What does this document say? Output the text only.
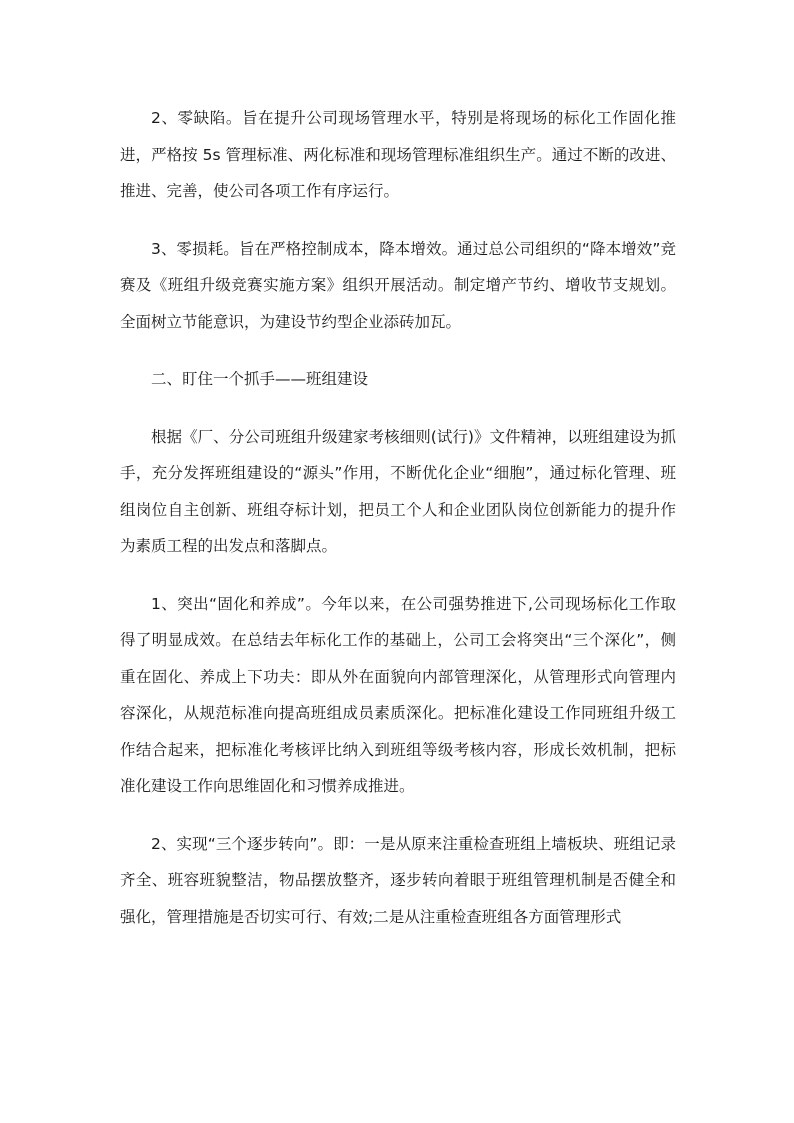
2、零缺陷。旨在提升公司现场管理水平，特别是将现场的标化工作固化推进，严格按 5s 管理标准、两化标准和现场管理标准组织生产。通过不断的改进、推进、完善，使公司各项工作有序运行。

3、零损耗。旨在严格控制成本，降本增效。通过总公司组织的“降本增效”竞赛及《班组升级竞赛实施方案》组织开展活动。制定增产节约、增收节支规划。全面树立节能意识，为建设节约型企业添砖加瓦。

二、盯住一个抓手——班组建设

根据《厂、分公司班组升级建家考核细则(试行)》文件精神，以班组建设为抓手，充分发挥班组建设的“源头”作用，不断优化企业“细胞”，通过标化管理、班组岗位自主创新、班组夺标计划，把员工个人和企业团队岗位创新能力的提升作为素质工程的出发点和落脚点。

1、突出“固化和养成”。今年以来，在公司强势推进下,公司现场标化工作取得了明显成效。在总结去年标化工作的基础上，公司工会将突出“三个深化”，侧重在固化、养成上下功夫：即从外在面貌向内部管理深化，从管理形式向管理内容深化，从规范标准向提高班组成员素质深化。把标准化建设工作同班组升级工作结合起来，把标准化考核评比纳入到班组等级考核内容，形成长效机制，把标准化建设工作向思维固化和习惯养成推进。

2、实现“三个逐步转向”。即：一是从原来注重检查班组上墙板块、班组记录齐全、班容班貌整洁，物品摆放整齐，逐步转向着眼于班组管理机制是否健全和强化，管理措施是否切实可行、有效;二是从注重检查班组各方面管理形式
